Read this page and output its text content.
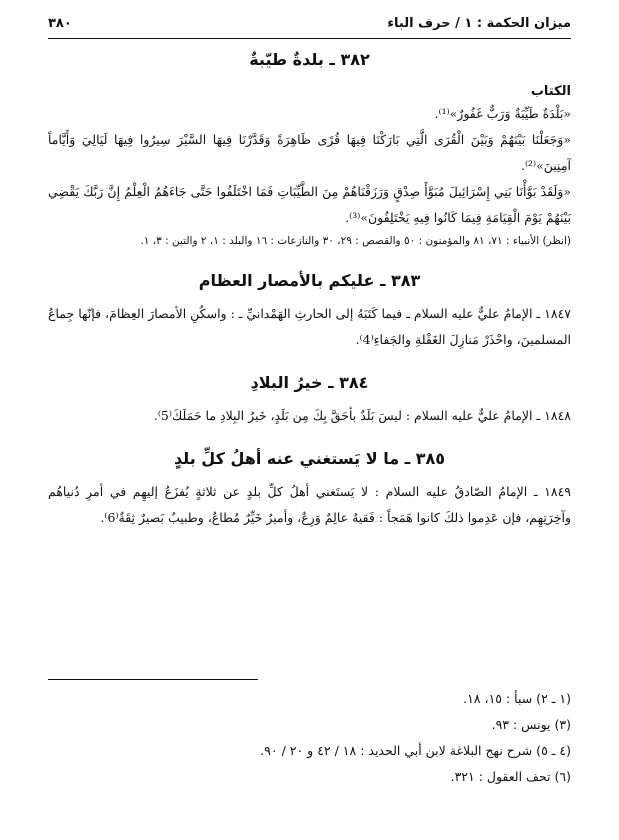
ميزان الحكمة : ١ / حرف الباء
٣٨٠
٣٨٢ ـ بلدةٌ طيّبةٌ
الكتاب

«بَلْدَةٌ طَيِّبَةٌ وَرَبٌّ غَفُورٌ»⁽¹⁾.

«وَجَعَلْنَا بَيْنَهُمْ وَبَيْنَ الْقُرَى الَّتِي بَارَكْنَا فِيهَا قُرًى ظَاهِرَةً وَقَدَّرْنَا فِيهَا السَّيْرَ سِيرُوا فِيهَا لَيَالِيَ وَأَيَّاماً آمِنِينَ»⁽²⁾.

«وَلَقَدْ بَوَّأْنَا بَنِي إِسْرَائِيلَ مُبَوَّأَ صِدْقٍ وَرَزَقْنَاهُمْ مِنَ الطَّيِّبَاتِ فَمَا اخْتَلَفُوا حَتَّى جَاءَهُمُ الْعِلْمُ إِنَّ رَبَّكَ يَقْضِي بَيْنَهُمْ يَوْمَ الْقِيَامَةِ فِيمَا كَانُوا فِيهِ يَخْتَلِفُونَ»⁽³⁾.

(انظر) الأنبياء : ٧١، ٨١ والمؤمنون : ٥٠ والقصص : ٢٩، ٣٠ والنازعات : ١٦ والبلد : ١، ٢ والتين : ٣، ١.

٣٨٣ ـ عليكم بالأمصار العظام

١٨٤٧ ـ الإمامُ عليٌّ عليه السلام ـ فيما كَتَبَهُ إلى الحارثِ الهَمْدانيِّ ـ : واسكُنِ الأمصارَ العِظامَ، فإنّها جِماعُ المسلمينَ، واحْذَرْ مَنازِلَ الغَفْلةِ والجَفاءِ⁽4⁾.

٣٨٤ ـ خيرُ البلادِ

١٨٤٨ ـ الإمامُ عليٌّ عليه السلام : ليسَ بَلَدٌ بأحَقَّ بِكَ مِن بَلَدٍ، خَيرُ البِلادِ ما حَمَلَكَ⁽5⁾.

٣٨٥ ـ ما لا يَستغني عنه أهلُ كلِّ بلدٍ

١٨٤٩ ـ الإمامُ الصّادقُ عليه السلام : لا يَستَغني أهلُ كلِّ بلدٍ عن ثلاثةٍ يُفزَعُ إليهِم في أمرِ دُنياهُم وآخِرَتِهِم، فإن عَدِموا ذلكَ كانوا هَمَجاً : فَقيهٌ عالِمٌ وَرِعٌ، وأميرٌ خَيِّرٌ مُطاعٌ، وطبيبٌ بَصيرٌ ثِقَةٌ⁽6⁾.

(١ ـ ٢) سبأ : ١٥، ١٨.

(٣) يونس : ٩٣.

(٤ ـ ٥) شرح نهج البلاغة لابن أبي الحديد : ١٨ / ٤٢ و ٢٠ / ٩٠.

(٦) تحف العقول : ٣٢١.
